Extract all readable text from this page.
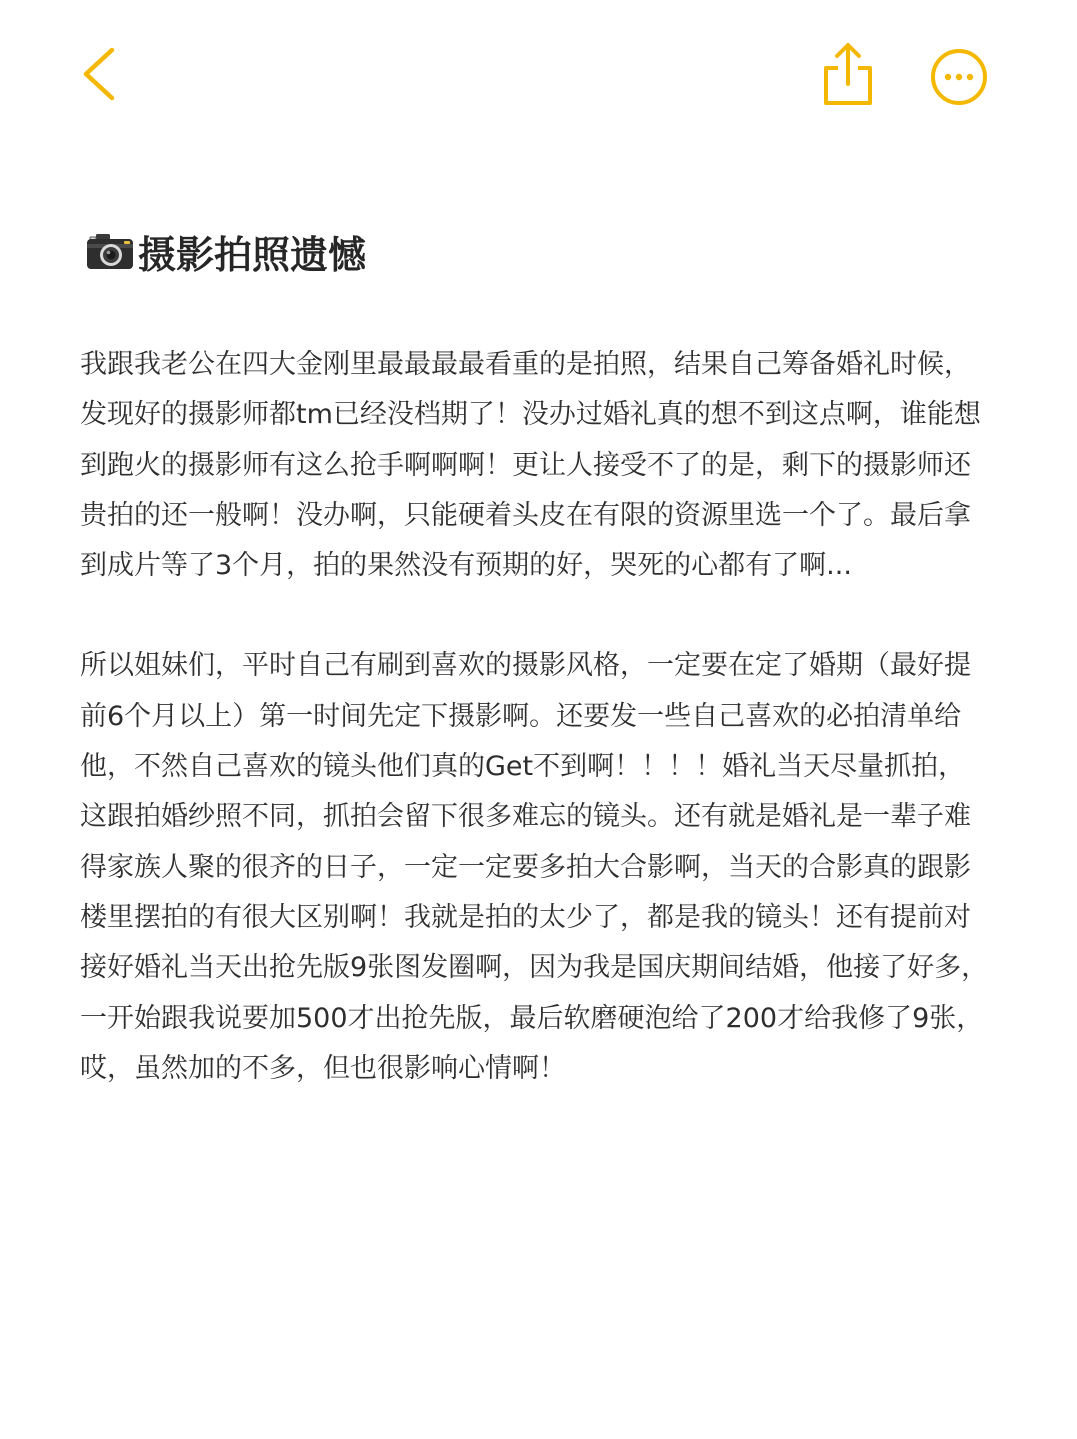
摄影拍照遗憾

我跟我老公在四大金刚里最最最最看重的是拍照，结果自己筹备婚礼时候，发现好的摄影师都tm已经没档期了！没办过婚礼真的想不到这点啊，谁能想到跑火的摄影师有这么抢手啊啊啊！更让人接受不了的是，剩下的摄影师还贵拍的还一般啊！没办啊，只能硬着头皮在有限的资源里选一个了。最后拿到成片等了3个月，拍的果然没有预期的好，哭死的心都有了啊...

所以姐妹们，平时自己有刷到喜欢的摄影风格，一定要在定了婚期（最好提前6个月以上）第一时间先定下摄影啊。还要发一些自己喜欢的必拍清单给他，不然自己喜欢的镜头他们真的Get不到啊！！！！婚礼当天尽量抓拍，这跟拍婚纱照不同，抓拍会留下很多难忘的镜头。还有就是婚礼是一辈子难得家族人聚的很齐的日子，一定一定要多拍大合影啊，当天的合影真的跟影楼里摆拍的有很大区别啊！我就是拍的太少了，都是我的镜头！还有提前对接好婚礼当天出抢先版9张图发圈啊，因为我是国庆期间结婚，他接了好多，一开始跟我说要加500才出抢先版，最后软磨硬泡给了200才给我修了9张，哎，虽然加的不多，但也很影响心情啊！
